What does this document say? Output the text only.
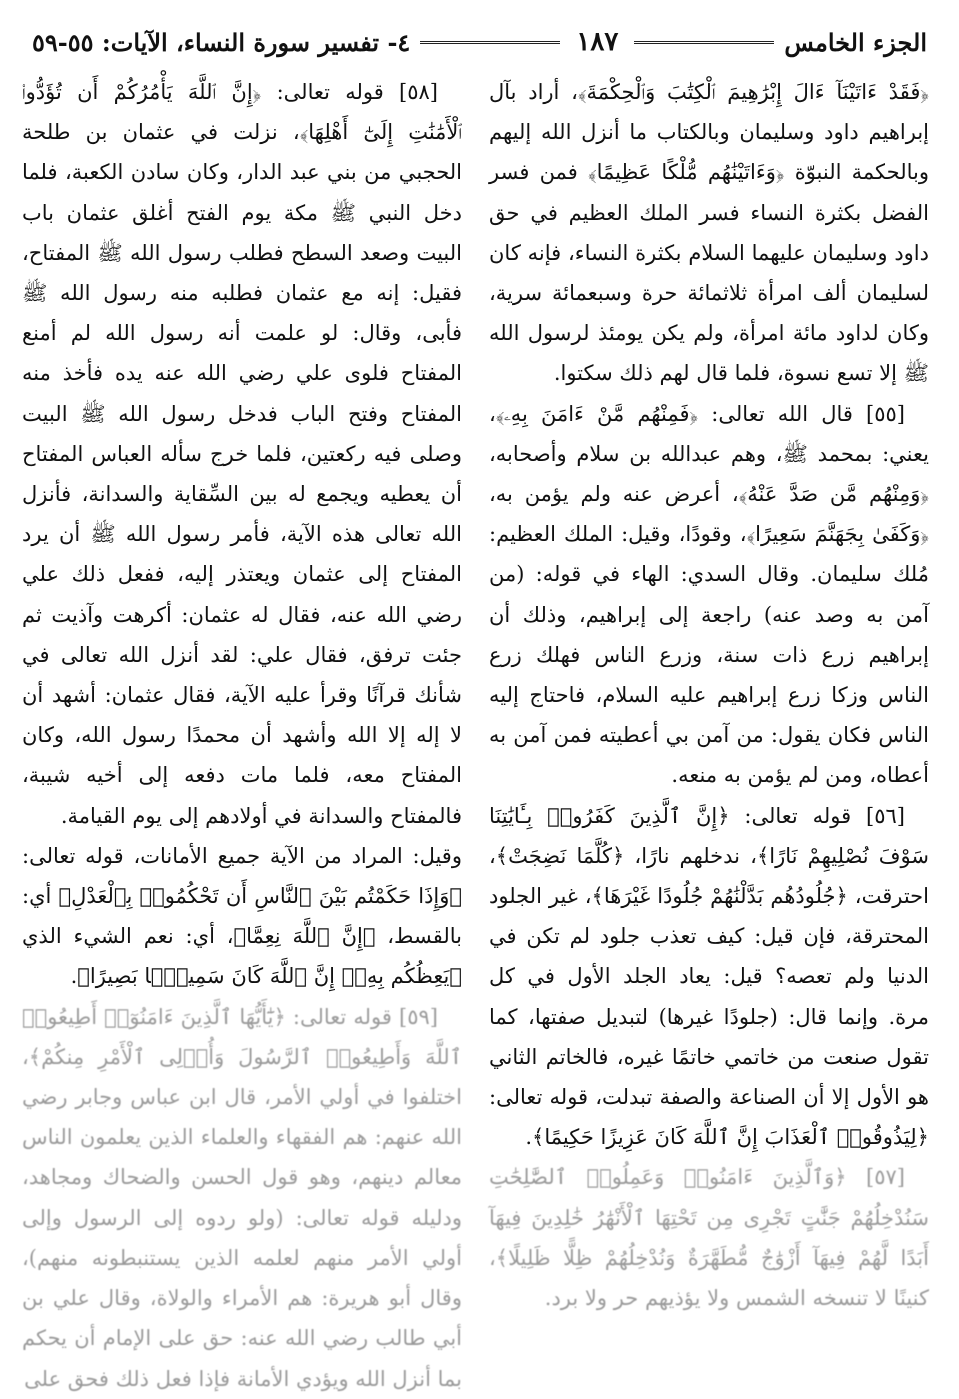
الجزء الخامس
١٨٧
٤- تفسير سورة النساء، الآيات: ٥٥-٥٩

﴿فَقَدْ ءَاتَيْنَآ ءَالَ إِبْرَٰهِيمَ ٱلْكِتَٰبَ وَٱلْحِكْمَةَ﴾، أراد بآل إبراهيم داود وسليمان وبالكتاب ما أنزل الله إليهم وبالحكمة النبوّة ﴿وَءَاتَيْنَٰهُم مُّلْكًا عَظِيمًا﴾ فمن فسر الفضل بكثرة النساء فسر الملك العظيم في حق داود وسليمان عليهما السلام بكثرة النساء، فإنه كان لسليمان ألف امرأة ثلاثمائة حرة وسبعمائة سرية، وكان لداود مائة امرأة، ولم يكن يومئذ لرسول الله ﷺ إلا تسع نسوة، فلما قال لهم ذلك سكتوا.

[٥٥] قال الله تعالى: ﴿فَمِنْهُم مَّنْ ءَامَنَ بِهِۦ﴾، يعني: بمحمد ﷺ، وهم عبدالله بن سلام وأصحابه، ﴿وَمِنْهُم مَّن صَدَّ عَنْهُ﴾، أعرض عنه ولم يؤمن به، ﴿وَكَفَىٰ بِجَهَنَّمَ سَعِيرًا﴾، وقودًا، وقيل: الملك العظيم: مُلك سليمان. وقال السدي: الهاء في قوله: (من آمن به وصد عنه) راجعة إلى إبراهيم، وذلك أن إبراهيم زرع ذات سنة، وزرع الناس فهلك زرع الناس وزكا زرع إبراهيم عليه السلام، فاحتاج إليه الناس فكان يقول: من آمن بي أعطيته فمن آمن به أعطاه، ومن لم يؤمن به منعه.

[٥٦] قوله تعالى: ﴿إِنَّ ٱلَّذِينَ كَفَرُوا۟ بِـَٔايَٰتِنَا سَوْفَ نُصْلِيهِمْ نَارًا﴾، ندخلهم نارًا، ﴿كُلَّمَا نَضِجَتْ﴾، احترقت، ﴿جُلُودُهُم بَدَّلْنَٰهُمْ جُلُودًا غَيْرَهَا﴾، غير الجلود المحترقة، فإن قيل: كيف تعذب جلود لم تكن في الدنيا ولم تعصه؟ قيل: يعاد الجلد الأول في كل مرة. وإنما قال: (جلودًا غيرها) لتبديل صفتها، كما تقول صنعت من خاتمي خاتمًا غيره، فالخاتم الثاني هو الأول إلا أن الصناعة والصفة تبدلت، قوله تعالى: ﴿لِيَذُوقُوا۟ ٱلْعَذَابَ إِنَّ ٱللَّهَ كَانَ عَزِيزًا حَكِيمًا﴾.

[٥٧] ﴿وَٱلَّذِينَ ءَامَنُوا۟ وَعَمِلُوا۟ ٱلصَّٰلِحَٰتِ سَنُدْخِلُهُمْ جَنَّٰتٍ تَجْرِى مِن تَحْتِهَا ٱلْأَنْهَٰرُ خَٰلِدِينَ فِيهَآ أَبَدًا لَّهُمْ فِيهَآ أَزْوَٰجٌ مُّطَهَّرَةٌ وَنُدْخِلُهُمْ ظِلًّا ظَلِيلًا﴾، كنينًا لا تنسخه الشمس ولا يؤذيهم حر ولا برد.

[٥٨] قوله تعالى: ﴿إِنَّ ٱللَّهَ يَأْمُرُكُمْ أَن تُؤَدُّوا۟ ٱلْأَمَٰنَٰتِ إِلَىٰٓ أَهْلِهَا﴾، نزلت في عثمان بن طلحة الحجبي من بني عبد الدار، وكان سادن الكعبة، فلما دخل النبي ﷺ مكة يوم الفتح أغلق عثمان باب البيت وصعد السطح فطلب رسول الله ﷺ المفتاح، فقيل: إنه مع عثمان فطلبه منه رسول الله ﷺ فأبى، وقال: لو علمت أنه رسول الله لم أمنع المفتاح فلوى علي رضي الله عنه يده فأخذ منه المفتاح وفتح الباب فدخل رسول الله ﷺ البيت وصلى فيه ركعتين، فلما خرج سأله العباس المفتاح أن يعطيه ويجمع له بين السِّقاية والسدانة، فأنزل الله تعالى هذه الآية، فأمر رسول الله ﷺ أن يرد المفتاح إلى عثمان ويعتذر إليه، ففعل ذلك علي رضي الله عنه، فقال له عثمان: أكرهت وآذيت ثم جئت ترفق، فقال علي: لقد أنزل الله تعالى في شأنك قرآنًا وقرأ عليه الآية، فقال عثمان: أشهد أن لا إله إلا الله وأشهد أن محمدًا رسول الله، وكان المفتاح معه، فلما مات دفعه إلى أخيه شيبة، فالمفتاح والسدانة في أولادهم إلى يوم القيامة.

وقيل: المراد من الآية جميع الأمانات، قوله تعالى: ﴿وَإِذَا حَكَمْتُم بَيْنَ ٱلنَّاسِ أَن تَحْكُمُوا۟ بِٱلْعَدْلِ﴾ أي: بالقسط، ﴿إِنَّ ٱللَّهَ نِعِمَّا﴾، أي: نعم الشيء الذي ﴿يَعِظُكُم بِهِۦٓ إِنَّ ٱللَّهَ كَانَ سَمِيعًۢا بَصِيرًا﴾.

[٥٩] قوله تعالى: ﴿يَٰٓأَيُّهَا ٱلَّذِينَ ءَامَنُوٓا۟ أَطِيعُوا۟ ٱللَّهَ وَأَطِيعُوا۟ ٱلرَّسُولَ وَأُو۟لِى ٱلْأَمْرِ مِنكُمْ﴾، اختلفوا في أولي الأمر، قال ابن عباس وجابر رضي الله عنهم: هم الفقهاء والعلماء الذين يعلمون الناس معالم دينهم، وهو قول الحسن والضحاك ومجاهد، ودليله قوله تعالى: (ولو ردوه إلى الرسول وإلى أولي الأمر منهم لعلمه الذين يستنبطونه منهم)، وقال أبو هريرة: هم الأمراء والولاة، وقال علي بن أبي طالب رضي الله عنه: حق على الإمام أن يحكم بما أنزل الله ويؤدي الأمانة فإذا فعل ذلك فحق على
